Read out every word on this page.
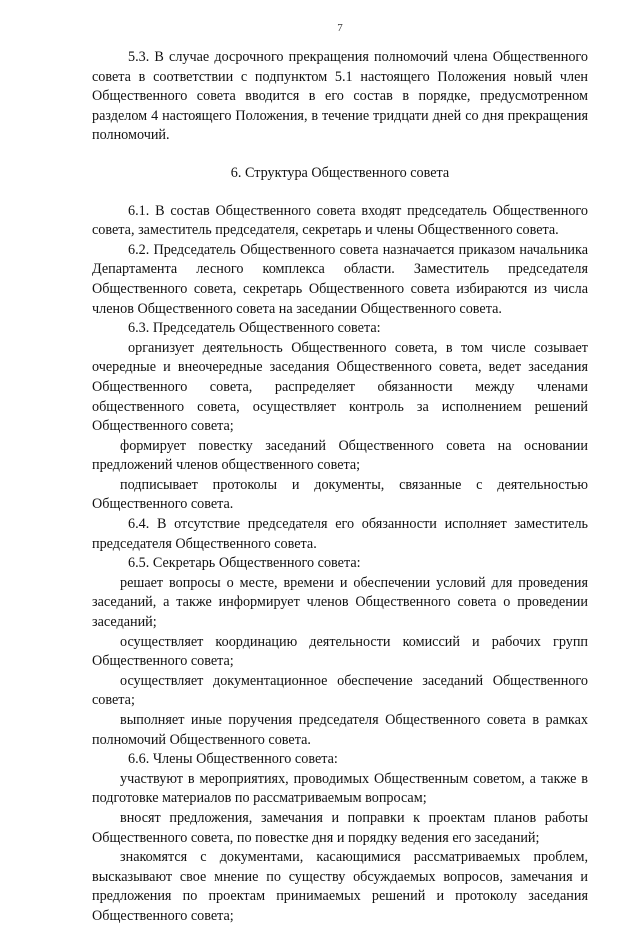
7

5.3. В случае досрочного прекращения полномочий члена Общественного совета в соответствии с подпунктом 5.1 настоящего Положения новый член Общественного совета вводится в его состав в порядке, предусмотренном разделом 4 настоящего Положения, в течение тридцати дней со дня прекращения полномочий.

6. Структура Общественного совета

6.1. В состав Общественного совета входят председатель Общественного совета, заместитель председателя, секретарь и члены Общественного совета.

6.2. Председатель Общественного совета назначается приказом начальника Департамента лесного комплекса области. Заместитель председателя Общественного совета, секретарь Общественного совета избираются из числа членов Общественного совета на заседании Общественного совета.

6.3. Председатель Общественного совета:

организует деятельность Общественного совета, в том числе созывает очередные и внеочередные заседания Общественного совета, ведет заседания Общественного совета, распределяет обязанности между членами общественного совета, осуществляет контроль за исполнением решений Общественного совета;

формирует повестку заседаний Общественного совета на основании предложений членов общественного совета;

подписывает протоколы и документы, связанные с деятельностью Общественного совета.

6.4. В отсутствие председателя его обязанности исполняет заместитель председателя Общественного совета.

6.5. Секретарь Общественного совета:

решает вопросы о месте, времени и обеспечении условий для проведения заседаний, а также информирует членов Общественного совета о проведении заседаний;

осуществляет координацию деятельности комиссий и рабочих групп Общественного совета;

осуществляет документационное обеспечение заседаний Общественного совета;

выполняет иные поручения председателя Общественного совета в рамках полномочий Общественного совета.

6.6. Члены Общественного совета:

участвуют в мероприятиях, проводимых Общественным советом, а также в подготовке материалов по рассматриваемым вопросам;

вносят предложения, замечания и поправки к проектам планов работы Общественного совета, по повестке дня и порядку ведения его заседаний;

знакомятся с документами, касающимися рассматриваемых проблем, высказывают свое мнение по существу обсуждаемых вопросов, замечания и предложения по проектам принимаемых решений и протоколу заседания Общественного совета;
